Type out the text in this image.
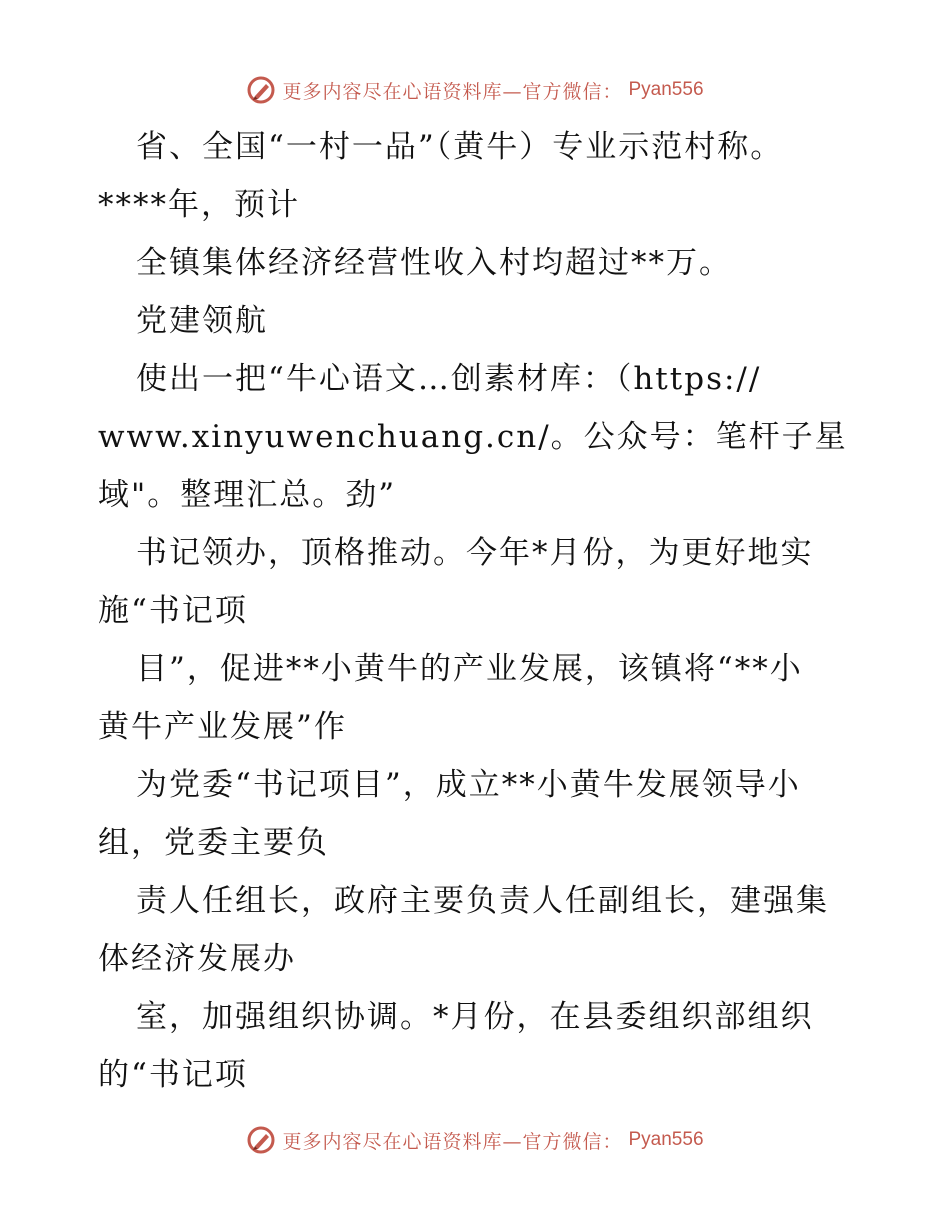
更多内容尽在心语资料库—官方微信： Pyan556
省、全国“一村一品”（黄牛）专业示范村称。
****年，预计
全镇集体经济经营性收入村均超过**万。
党建领航
使出一把“牛心语文…创素材库：（https://
www.xinyuwenchuang.cn/。公众号：笔杆子星
域"。整理汇总。劲”
书记领办，顶格推动。今年*月份，为更好地实
施“书记项
目”，促进**小黄牛的产业发展，该镇将“**小
黄牛产业发展”作
为党委“书记项目”，成立**小黄牛发展领导小
组，党委主要负
责人任组长，政府主要负责人任副组长，建强集
体经济发展办
室，加强组织协调。*月份，在县委组织部组织
的“书记项
更多内容尽在心语资料库—官方微信： Pyan556
